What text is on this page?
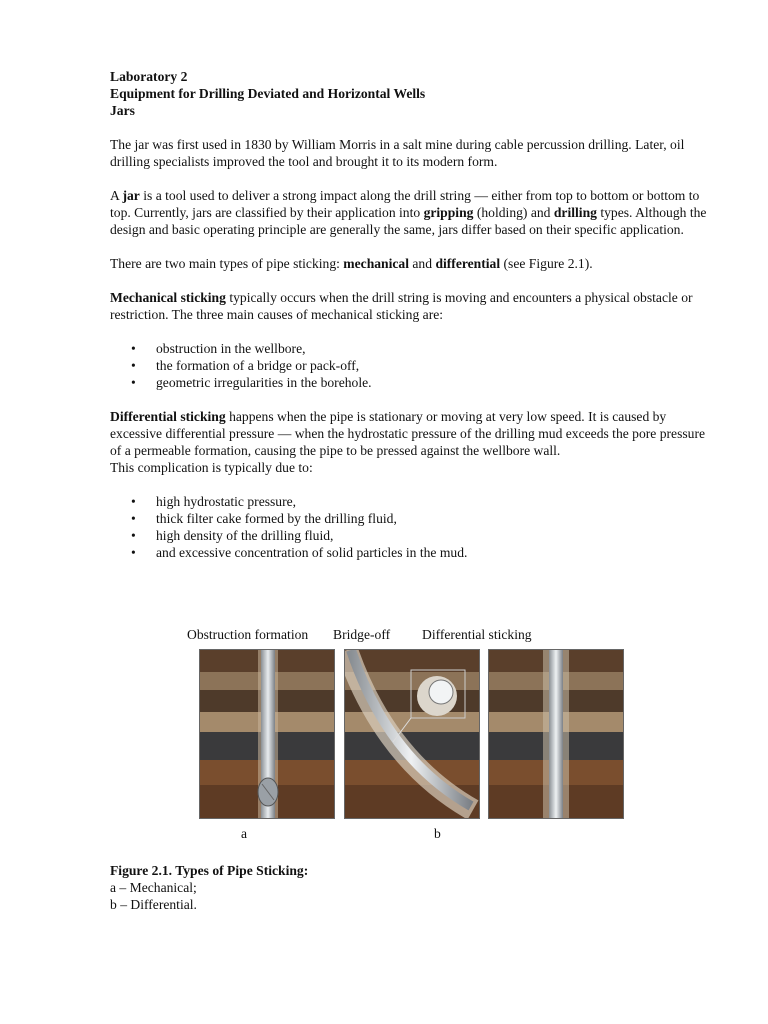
Laboratory 2

Equipment for Drilling Deviated and Horizontal Wells

Jars

The jar was first used in 1830 by William Morris in a salt mine during cable percussion drilling. Later, oil drilling specialists improved the tool and brought it to its modern form.

A jar is a tool used to deliver a strong impact along the drill string — either from top to bottom or bottom to top. Currently, jars are classified by their application into gripping (holding) and drilling types. Although the design and basic operating principle are generally the same, jars differ based on their specific application.

There are two main types of pipe sticking: mechanical and differential (see Figure 2.1).

Mechanical sticking typically occurs when the drill string is moving and encounters a physical obstacle or restriction. The three main causes of mechanical sticking are:

• obstruction in the wellbore,
• the formation of a bridge or pack-off,
• geometric irregularities in the borehole.

Differential sticking happens when the pipe is stationary or moving at very low speed. It is caused by excessive differential pressure — when the hydrostatic pressure of the drilling mud exceeds the pore pressure of a permeable formation, causing the pipe to be pressed against the wellbore wall.

This complication is typically due to:

• high hydrostatic pressure,
• thick filter cake formed by the drilling fluid,
• high density of the drilling fluid,
• and excessive concentration of solid particles in the mud.
Obstruction formation Bridge-off Differential sticking
a	b

Figure 2.1. Types of Pipe Sticking:

a – Mechanical;

b – Differential.
